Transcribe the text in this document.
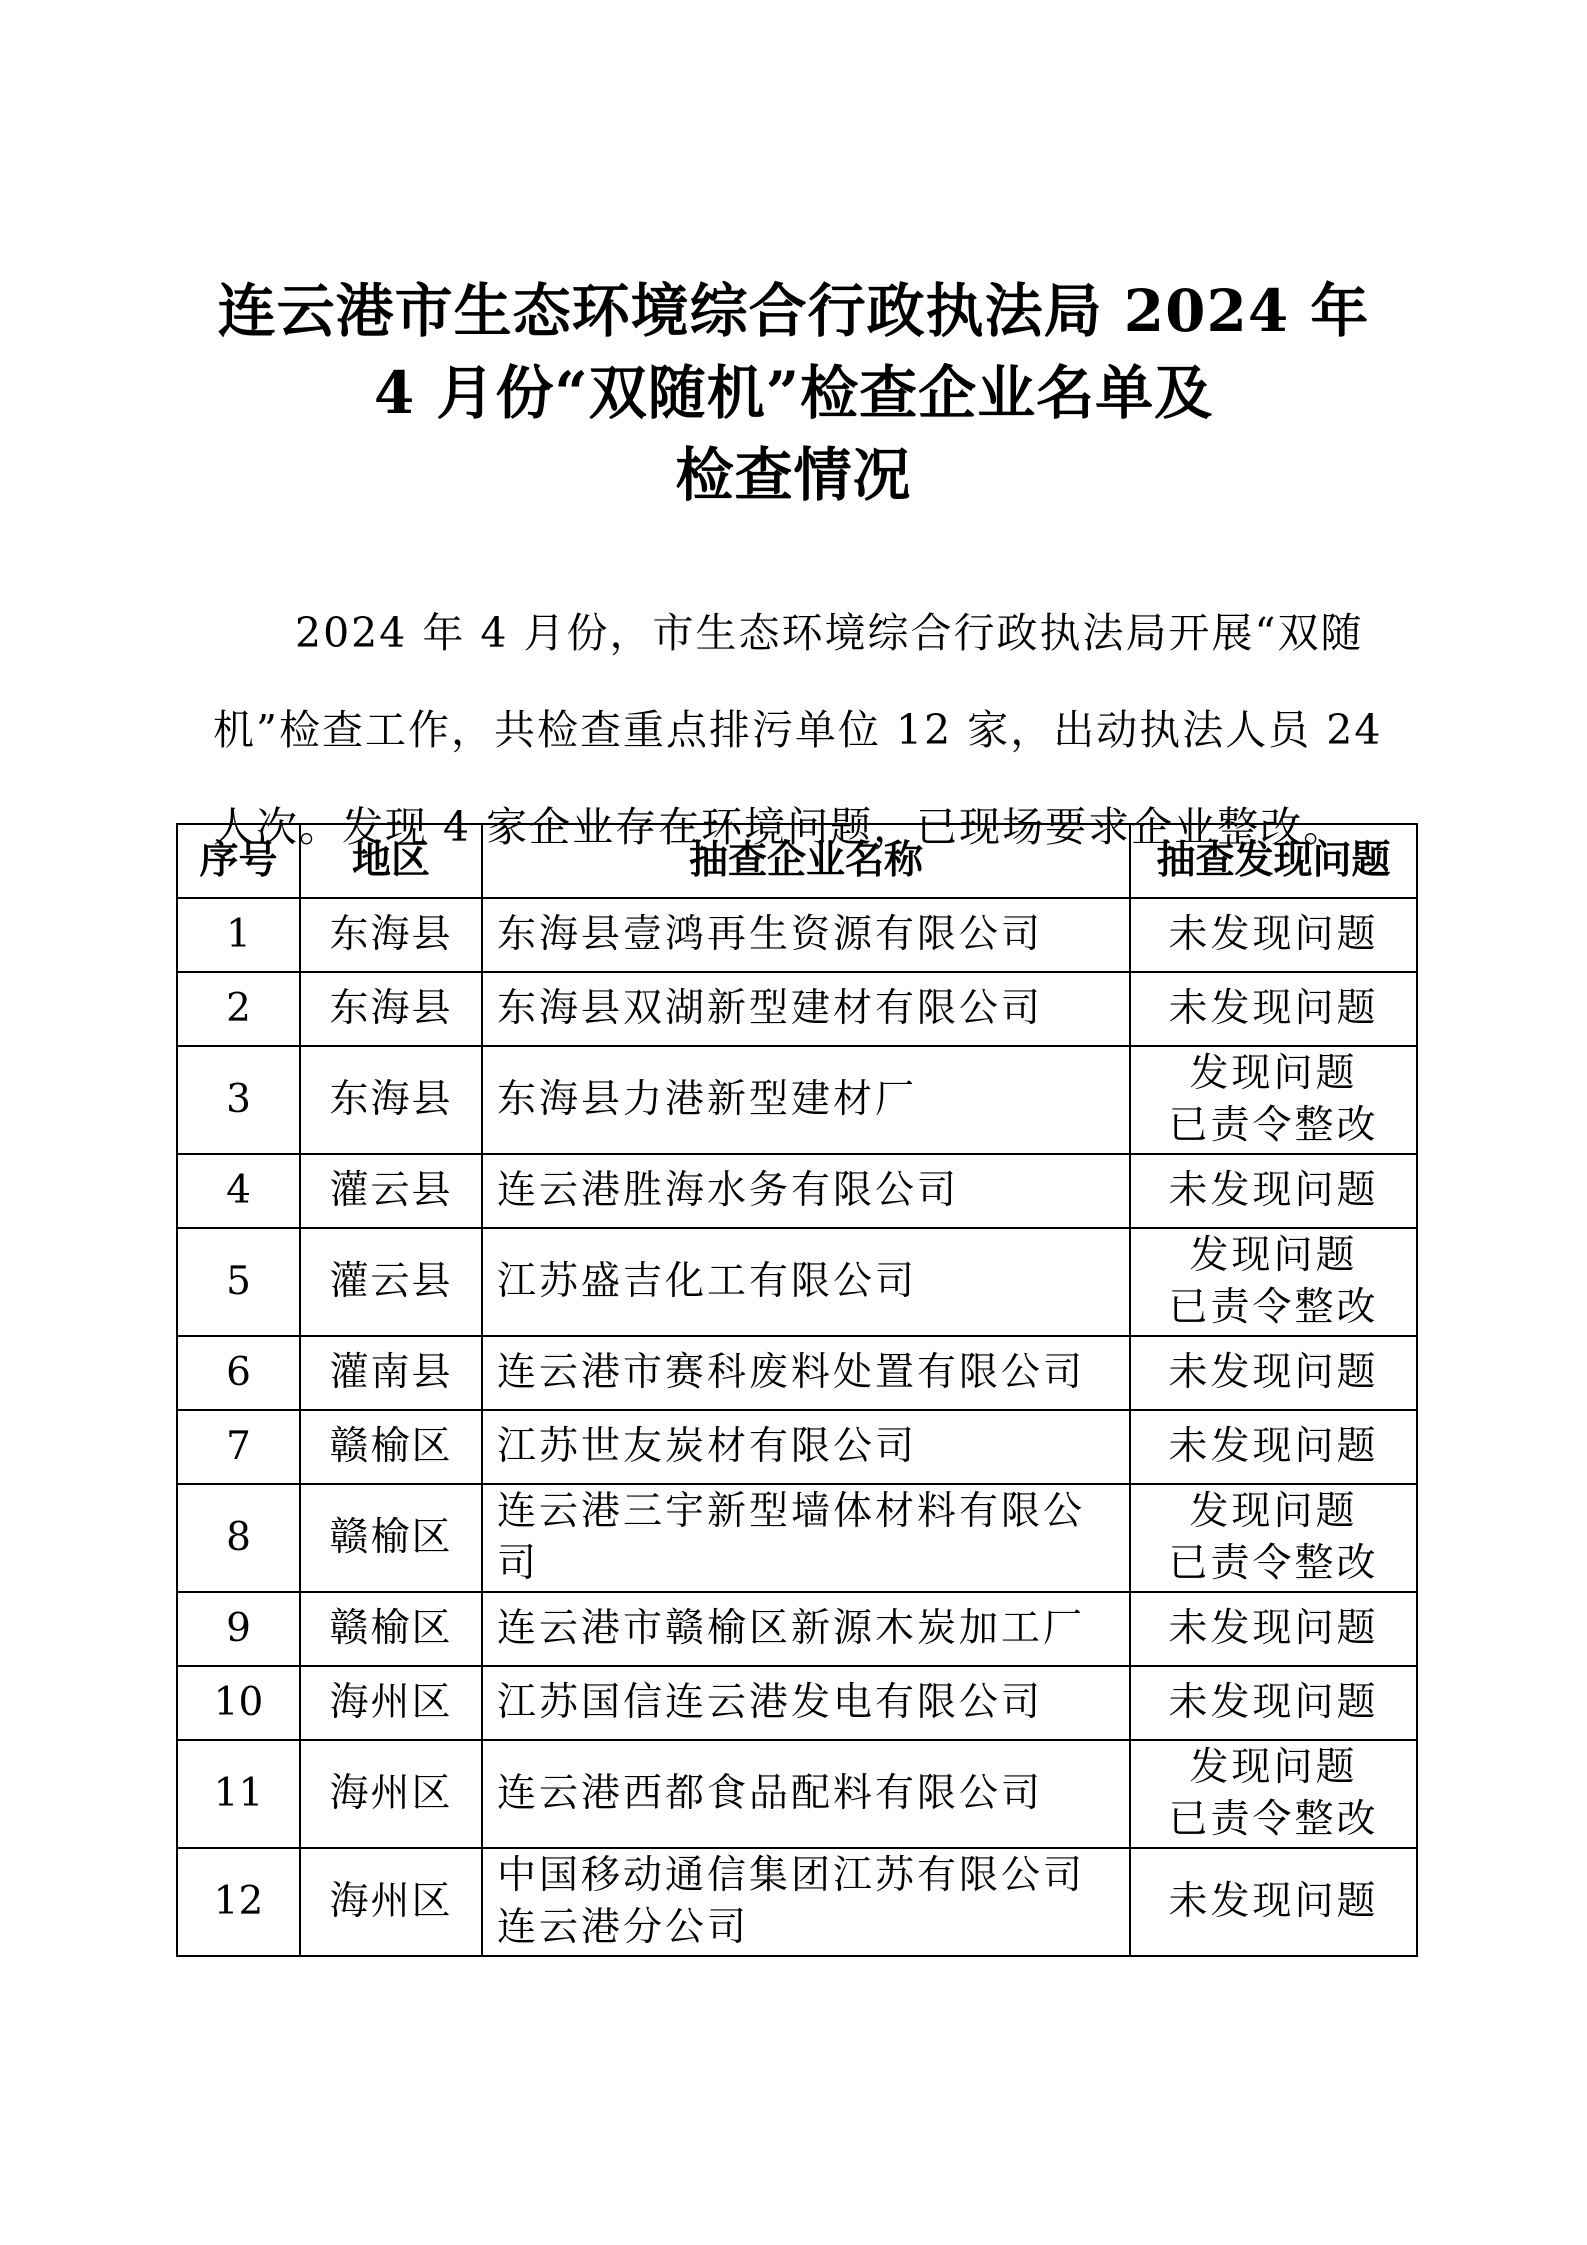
连云港市生态环境综合行政执法局 2024 年
4 月份“双随机”检查企业名单及
检查情况

2024 年 4 月份，市生态环境综合行政执法局开展“双随机”检查工作，共检查重点排污单位 12 家，出动执法人员 24 人次。发现 4 家企业存在环境问题，已现场要求企业整改。

序号	地区	抽查企业名称	抽查发现问题
1	东海县	东海县壹鸿再生资源有限公司	未发现问题

2	东海县	东海县双湖新型建材有限公司	未发现问题

3	东海县	东海县力港新型建材厂	发现问题
已责令整改

4	灌云县	连云港胜海水务有限公司	未发现问题

5	灌云县	江苏盛吉化工有限公司	发现问题
已责令整改

6	灌南县	连云港市赛科废料处置有限公司	未发现问题

7	赣榆区	江苏世友炭材有限公司	未发现问题

8	赣榆区	连云港三宇新型墙体材料有限公司	发现问题
已责令整改

9	赣榆区	连云港市赣榆区新源木炭加工厂	未发现问题

10	海州区	江苏国信连云港发电有限公司	未发现问题

11	海州区	连云港西都食品配料有限公司	发现问题
已责令整改

12	海州区	中国移动通信集团江苏有限公司连云港分公司	未发现问题
